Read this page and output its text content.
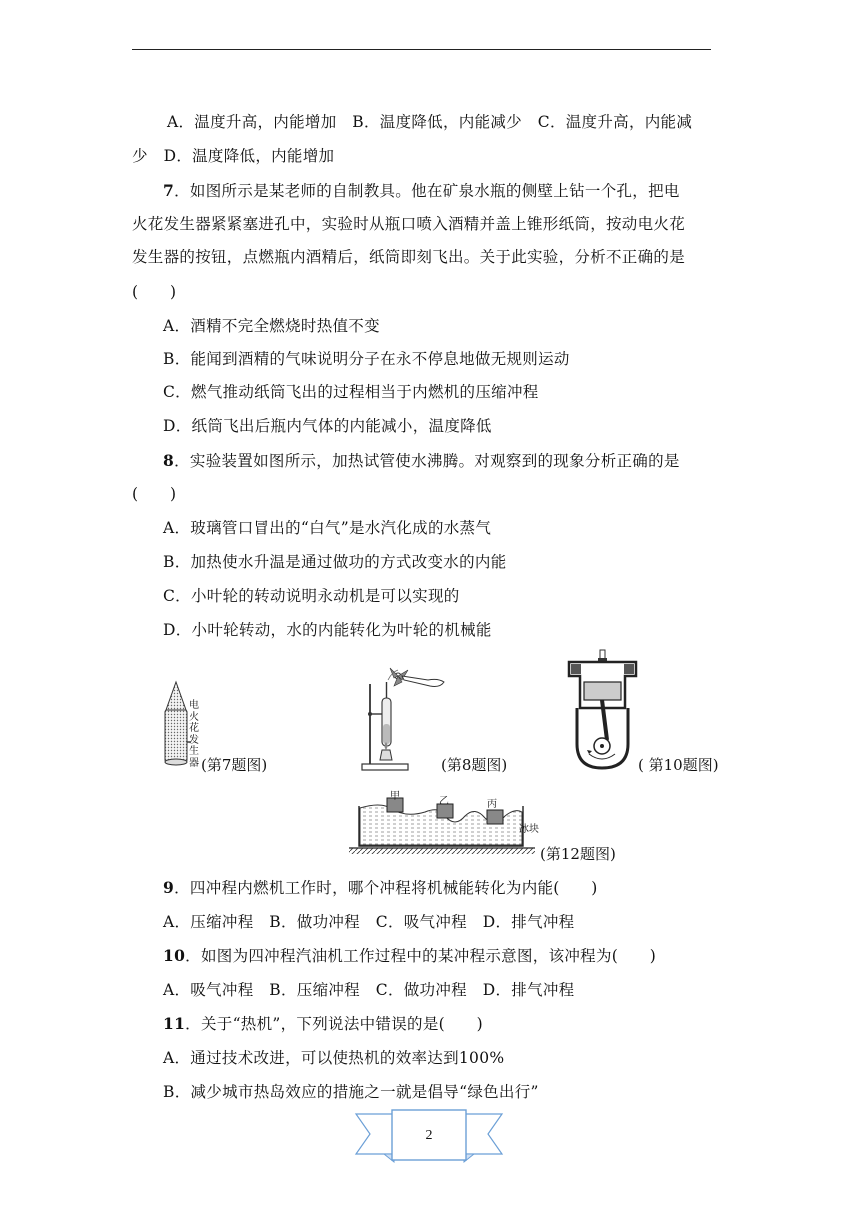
A．温度升高，内能增加　B．温度降低，内能减少　C．温度升高，内能减
少　D．温度降低，内能增加
7．如图所示是某老师的自制教具。他在矿泉水瓶的侧壁上钻一个孔，把电
火花发生器紧紧塞进孔中，实验时从瓶口喷入酒精并盖上锥形纸筒，按动电火花
发生器的按钮，点燃瓶内酒精后，纸筒即刻飞出。关于此实验，分析不正确的是
(　　)
A．酒精不完全燃烧时热值不变
B．能闻到酒精的气味说明分子在永不停息地做无规则运动
C．燃气推动纸筒飞出的过程相当于内燃机的压缩冲程
D．纸筒飞出后瓶内气体的内能减小，温度降低
8．实验装置如图所示，加热试管使水沸腾。对观察到的现象分析正确的是
(　　)
A．玻璃管口冒出的“白气”是水汽化成的水蒸气
B．加热使水升温是通过做功的方式改变水的内能
C．小叶轮的转动说明永动机是可以实现的
D．小叶轮转动，水的内能转化为叶轮的机械能
电
火
花
发
生
器 (第7题图)	(第8题图)	( 第10题图)
甲	乙	丙
冰块
(第12题图)
9．四冲程内燃机工作时，哪个冲程将机械能转化为内能(　　)
A．压缩冲程　B．做功冲程　C．吸气冲程　D．排气冲程
10．如图为四冲程汽油机工作过程中的某冲程示意图，该冲程为(　　)
A．吸气冲程　B．压缩冲程　C．做功冲程　D．排气冲程
11．关于“热机”，下列说法中错误的是(　　)
A．通过技术改进，可以使热机的效率达到100%
B．减少城市热岛效应的措施之一就是倡导“绿色出行”
2
